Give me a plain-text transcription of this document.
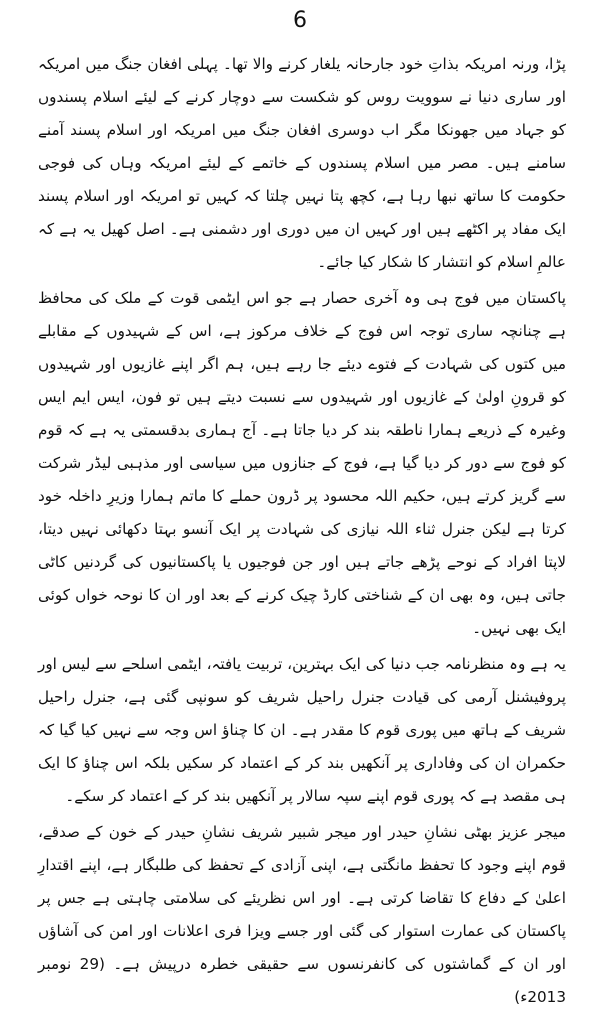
6

پڑا، ورنہ امریکہ بذاتِ خود جارحانہ یلغار کرنے والا تھا۔ پہلی افغان جنگ میں امریکہ اور ساری دنیا نے سوویت روس کو شکست سے دوچار کرنے کے لیئے اسلام پسندوں کو جہاد میں جھونکا مگر اب دوسری افغان جنگ میں امریکہ اور اسلام پسند آمنے سامنے ہیں۔ مصر میں اسلام پسندوں کے خاتمے کے لیئے امریکہ وہاں کی فوجی حکومت کا ساتھ نبھا رہا ہے، کچھ پتا نہیں چلتا کہ کہیں تو امریکہ اور اسلام پسند ایک مفاد پر اکٹھے ہیں اور کہیں ان میں دوری اور دشمنی ہے۔ اصل کھیل یہ ہے کہ عالمِ اسلام کو انتشار کا شکار کیا جائے۔

پاکستان میں فوج ہی وہ آخری حصار ہے جو اس ایٹمی قوت کے ملک کی محافظ ہے چنانچہ ساری توجہ اس فوج کے خلاف مرکوز ہے، اس کے شہیدوں کے مقابلے میں کتوں کی شہادت کے فتوے دیئے جا رہے ہیں، ہم اگر اپنے غازیوں اور شہیدوں کو قرونِ اولیٰ کے غازیوں اور شہیدوں سے نسبت دیتے ہیں تو فون، ایس ایم ایس وغیرہ کے ذریعے ہمارا ناطقہ بند کر دیا جاتا ہے۔ آج ہماری بدقسمتی یہ ہے کہ قوم کو فوج سے دور کر دیا گیا ہے، فوج کے جنازوں میں سیاسی اور مذہبی لیڈر شرکت سے گریز کرتے ہیں، حکیم اللہ محسود پر ڈرون حملے کا ماتم ہمارا وزیرِ داخلہ خود کرتا ہے لیکن جنرل ثناء اللہ نیازی کی شہادت پر ایک آنسو بہتا دکھائی نہیں دیتا، لاپتا افراد کے نوحے پڑھے جاتے ہیں اور جن فوجیوں یا پاکستانیوں کی گردنیں کاٹی جاتی ہیں، وہ بھی ان کے شناختی کارڈ چیک کرنے کے بعد اور ان کا نوحہ خواں کوئی ایک بھی نہیں۔

یہ ہے وہ منظرنامہ جب دنیا کی ایک بہترین، تربیت یافتہ، ایٹمی اسلحے سے لیس اور پروفیشنل آرمی کی قیادت جنرل راحیل شریف کو سونپی گئی ہے، جنرل راحیل شریف کے ہاتھ میں پوری قوم کا مقدر ہے۔ ان کا چناؤ اس وجہ سے نہیں کیا گیا کہ حکمران ان کی وفاداری پر آنکھیں بند کر کے اعتماد کر سکیں بلکہ اس چناؤ کا ایک ہی مقصد ہے کہ پوری قوم اپنے سپہ سالار پر آنکھیں بند کر کے اعتماد کر سکے۔

میجر عزیز بھٹی نشانِ حیدر اور میجر شبیر شریف نشانِ حیدر کے خون کے صدقے، قوم اپنے وجود کا تحفظ مانگتی ہے، اپنی آزادی کے تحفظ کی طلبگار ہے، اپنے اقتدارِ اعلیٰ کے دفاع کا تقاضا کرتی ہے۔ اور اس نظریئے کی سلامتی چاہتی ہے جس پر پاکستان کی عمارت استوار کی گئی اور جسے ویزا فری اعلانات اور امن کی آشاؤں اور ان کے گماشتوں کی کانفرنسوں سے حقیقی خطرہ درپیش ہے۔ (29 نومبر 2013ء)
